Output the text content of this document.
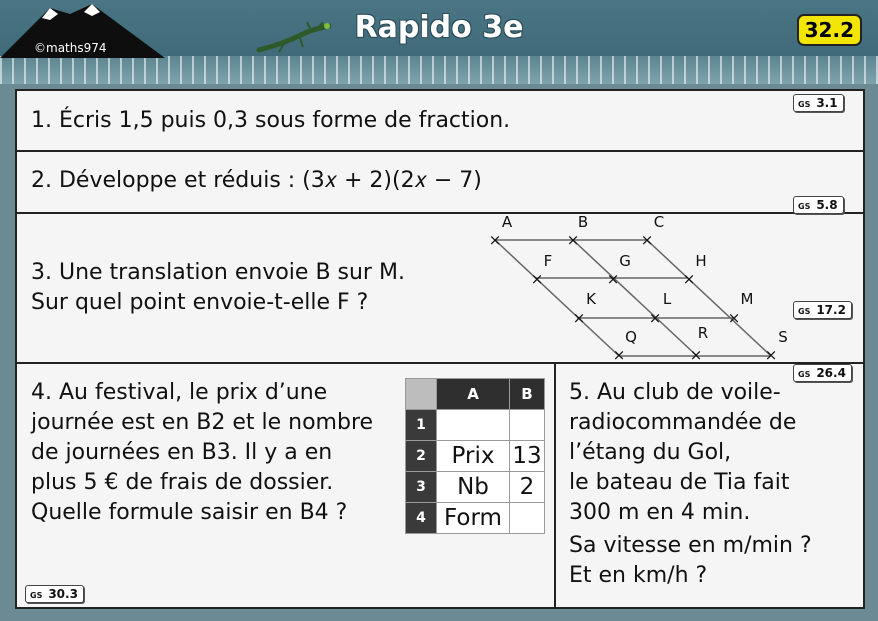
©maths974
Rapido 3e	32.2
1. Écris 1,5 puis 0,3 sous forme de fraction.
GS 3.1
2. Développe et réduis : (3𝑥 + 2)(2𝑥 − 7)
GS 5.8
3. Une translation envoie B sur M.
Sur quel point envoie-t-elle F ?
×
A
×
B
×
C
×
F
×
G
×
H
×
K
×
L
×
M
×
Q
×
R
×
S
GS 17.2
4. Au festival, le prix d’une
journée est en B2 et le nombre
de journées en B3. Il y a en
plus 5 € de frais de dossier.
Quelle formule saisir en B4 ?
	A	B
1		
2	Prix	13
3	Nb	2
4	Form	
GS 30.3
5. Au club de voile-
radiocommandée de
l’étang du Gol,
le bateau de Tia fait
300 m en 4 min.
Sa vitesse en m/min ?
Et en km/h ?
GS 26.4
